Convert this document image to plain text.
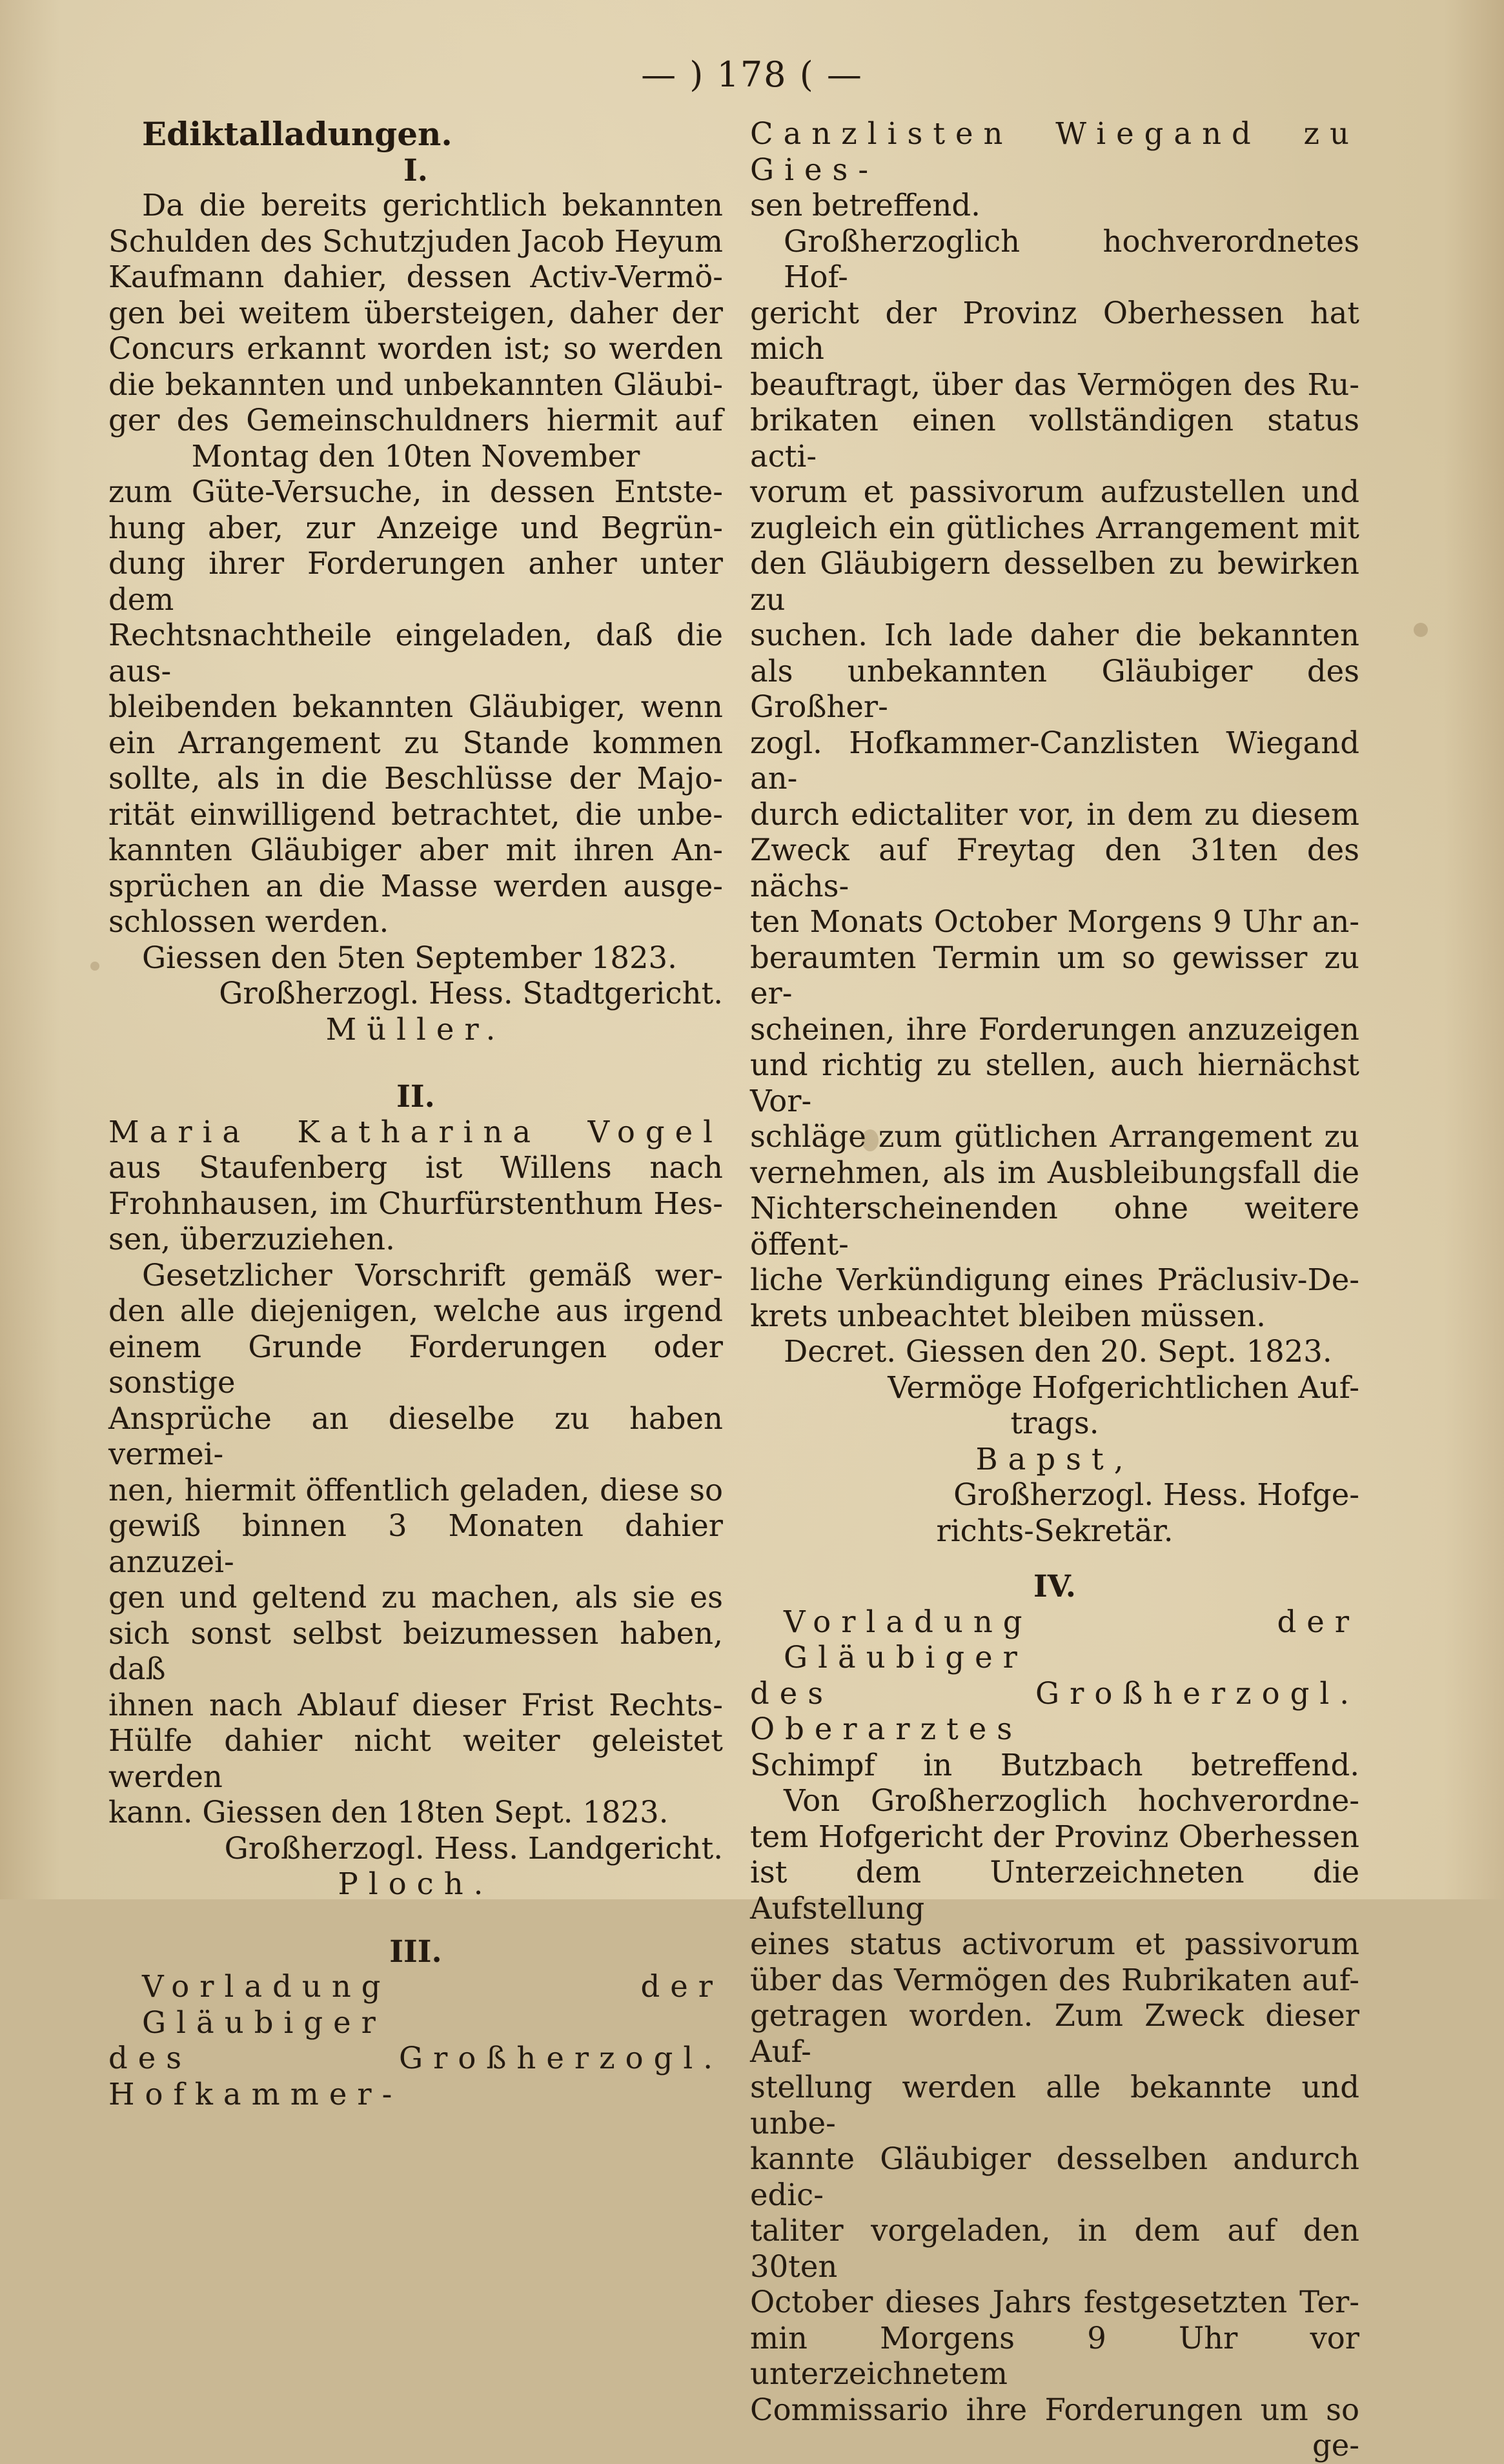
— ) 178 ( —

Ediktalladungen.

I.

Da die bereits gerichtlich bekannten

Schulden des Schutzjuden Jacob Heyum

Kaufmann dahier, dessen Activ-Vermö-

gen bei weitem übersteigen, daher der

Concurs erkannt worden ist; so werden

die bekannten und unbekannten Gläubi-

ger des Gemeinschuldners hiermit auf

Montag den 10ten November

zum Güte-Versuche, in dessen Entste-

hung aber, zur Anzeige und Begrün-

dung ihrer Forderungen anher unter dem

Rechtsnachtheile eingeladen, daß die aus-

bleibenden bekannten Gläubiger, wenn

ein Arrangement zu Stande kommen

sollte, als in die Beschlüsse der Majo-

rität einwilligend betrachtet, die unbe-

kannten Gläubiger aber mit ihren An-

sprüchen an die Masse werden ausge-

schlossen werden.

Giessen den 5ten September 1823.

Großherzogl. Hess. Stadtgericht.

Müller.

II.

Maria Katharina Vogel

aus Staufenberg ist Willens nach

Frohnhausen, im Churfürstenthum Hes-

sen, überzuziehen.

Gesetzlicher Vorschrift gemäß wer-

den alle diejenigen, welche aus irgend

einem Grunde Forderungen oder sonstige

Ansprüche an dieselbe zu haben vermei-

nen, hiermit öffentlich geladen, diese so

gewiß binnen 3 Monaten dahier anzuzei-

gen und geltend zu machen, als sie es

sich sonst selbst beizumessen haben, daß

ihnen nach Ablauf dieser Frist Rechts-

Hülfe dahier nicht weiter geleistet werden

kann. Giessen den 18ten Sept. 1823.

Großherzogl. Hess. Landgericht.

Ploch.

III.

Vorladung der Gläubiger

des Großherzogl. Hofkammer-

Canzlisten Wiegand zu Gies-

sen betreffend.

Großherzoglich hochverordnetes Hof-

gericht der Provinz Oberhessen hat mich

beauftragt, über das Vermögen des Ru-

brikaten einen vollständigen status acti-

vorum et passivorum aufzustellen und

zugleich ein gütliches Arrangement mit

den Gläubigern desselben zu bewirken zu

suchen. Ich lade daher die bekannten

als unbekannten Gläubiger des Großher-

zogl. Hofkammer-Canzlisten Wiegand an-

durch edictaliter vor, in dem zu diesem

Zweck auf Freytag den 31ten des nächs-

ten Monats October Morgens 9 Uhr an-

beraumten Termin um so gewisser zu er-

scheinen, ihre Forderungen anzuzeigen

und richtig zu stellen, auch hiernächst Vor-

schläge zum gütlichen Arrangement zu

vernehmen, als im Ausbleibungsfall die

Nichterscheinenden ohne weitere öffent-

liche Verkündigung eines Präclusiv-De-

krets unbeachtet bleiben müssen.

Decret. Giessen den 20. Sept. 1823.

Vermöge Hofgerichtlichen Auf-

trags.

Bapst,

Großherzogl. Hess. Hofge-

richts-Sekretär.

IV.

Vorladung der Gläubiger

des Großherzogl. Oberarztes

Schimpf in Butzbach betreffend.

Von Großherzoglich hochverordne-

tem Hofgericht der Provinz Oberhessen

ist dem Unterzeichneten die Aufstellung

eines status activorum et passivorum

über das Vermögen des Rubrikaten auf-

getragen worden. Zum Zweck dieser Auf-

stellung werden alle bekannte und unbe-

kannte Gläubiger desselben andurch edic-

taliter vorgeladen, in dem auf den 30ten

October dieses Jahrs festgesetzten Ter-

min Morgens 9 Uhr vor unterzeichnetem

Commissario ihre Forderungen um so

ge-
